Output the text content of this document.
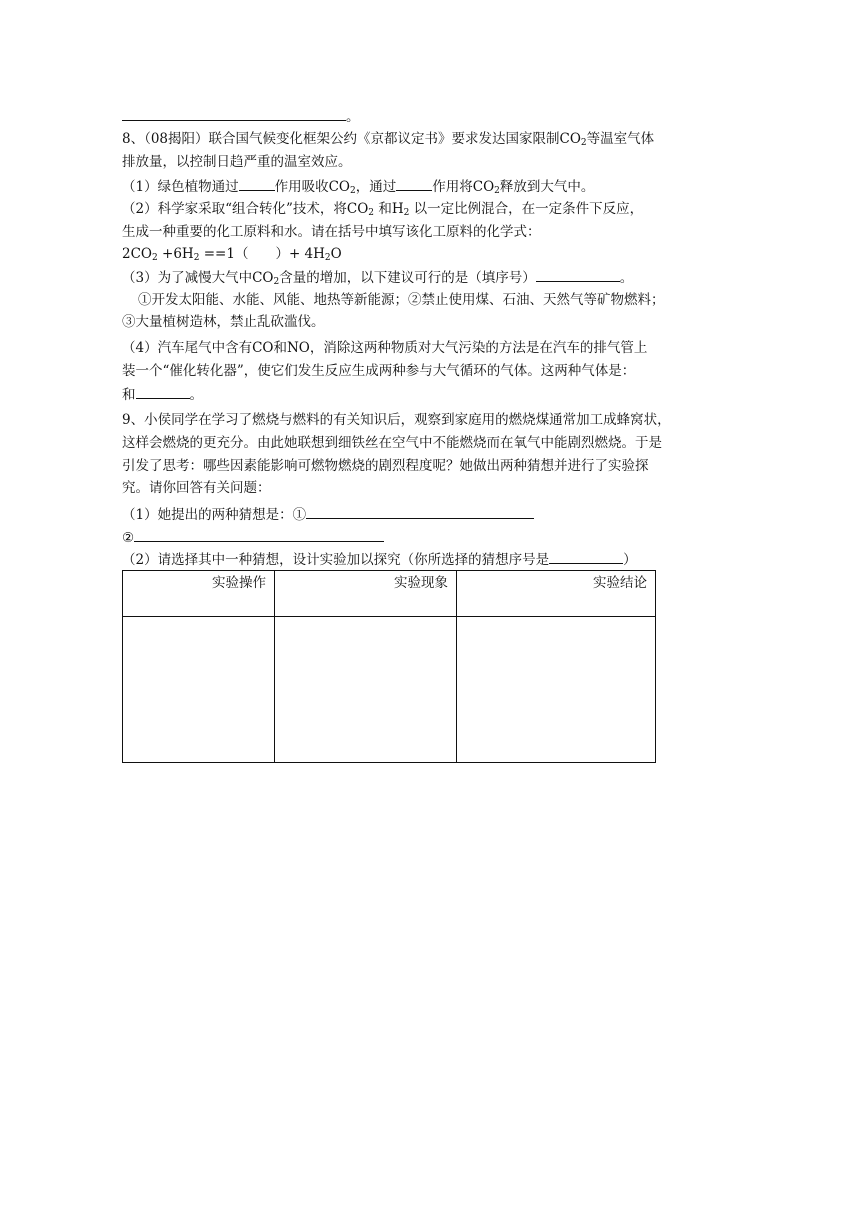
。
8、（08揭阳）联合国气候变化框架公约《京都议定书》要求发达国家限制$CO_2$等温室气体
排放量，以控制日趋严重的温室效应。
（1）绿色植物通过	作用吸收$CO_2$，通过	作用将$CO_2$释放到大气中。
（2）科学家采取“组合转化”技术，将$CO_2$ 和$H_2$ 以一定比例混合，在一定条件下反应，
生成一种重要的化工原料和水。请在括号中填写该化工原料的化学式：
$2CO_2 +6H_2 ==1$（　　）+ $4H_2O$
（3）为了减慢大气中$CO_2$含量的增加，以下建议可行的是（填序号）	。
①开发太阳能、水能、风能、地热等新能源；②禁止使用煤、石油、天然气等矿物燃料；
③大量植树造林，禁止乱砍滥伐。
（4）汽车尾气中含有CO和NO，消除这两种物质对大气污染的方法是在汽车的排气管上
装一个“催化转化器”，使它们发生反应生成两种参与大气循环的气体。这两种气体是：
和	。
9、小侯同学在学习了燃烧与燃料的有关知识后，观察到家庭用的燃烧煤通常加工成蜂窝状，
这样会燃烧的更充分。由此她联想到细铁丝在空气中不能燃烧而在氧气中能剧烈燃烧。于是
引发了思考：哪些因素能影响可燃物燃烧的剧烈程度呢？她做出两种猜想并进行了实验探
究。请你回答有关问题：
（1）她提出的两种猜想是：①
②
（2）请选择其中一种猜想，设计实验加以探究（你所选择的猜想序号是	）
实验操作	实验现象	实验结论
